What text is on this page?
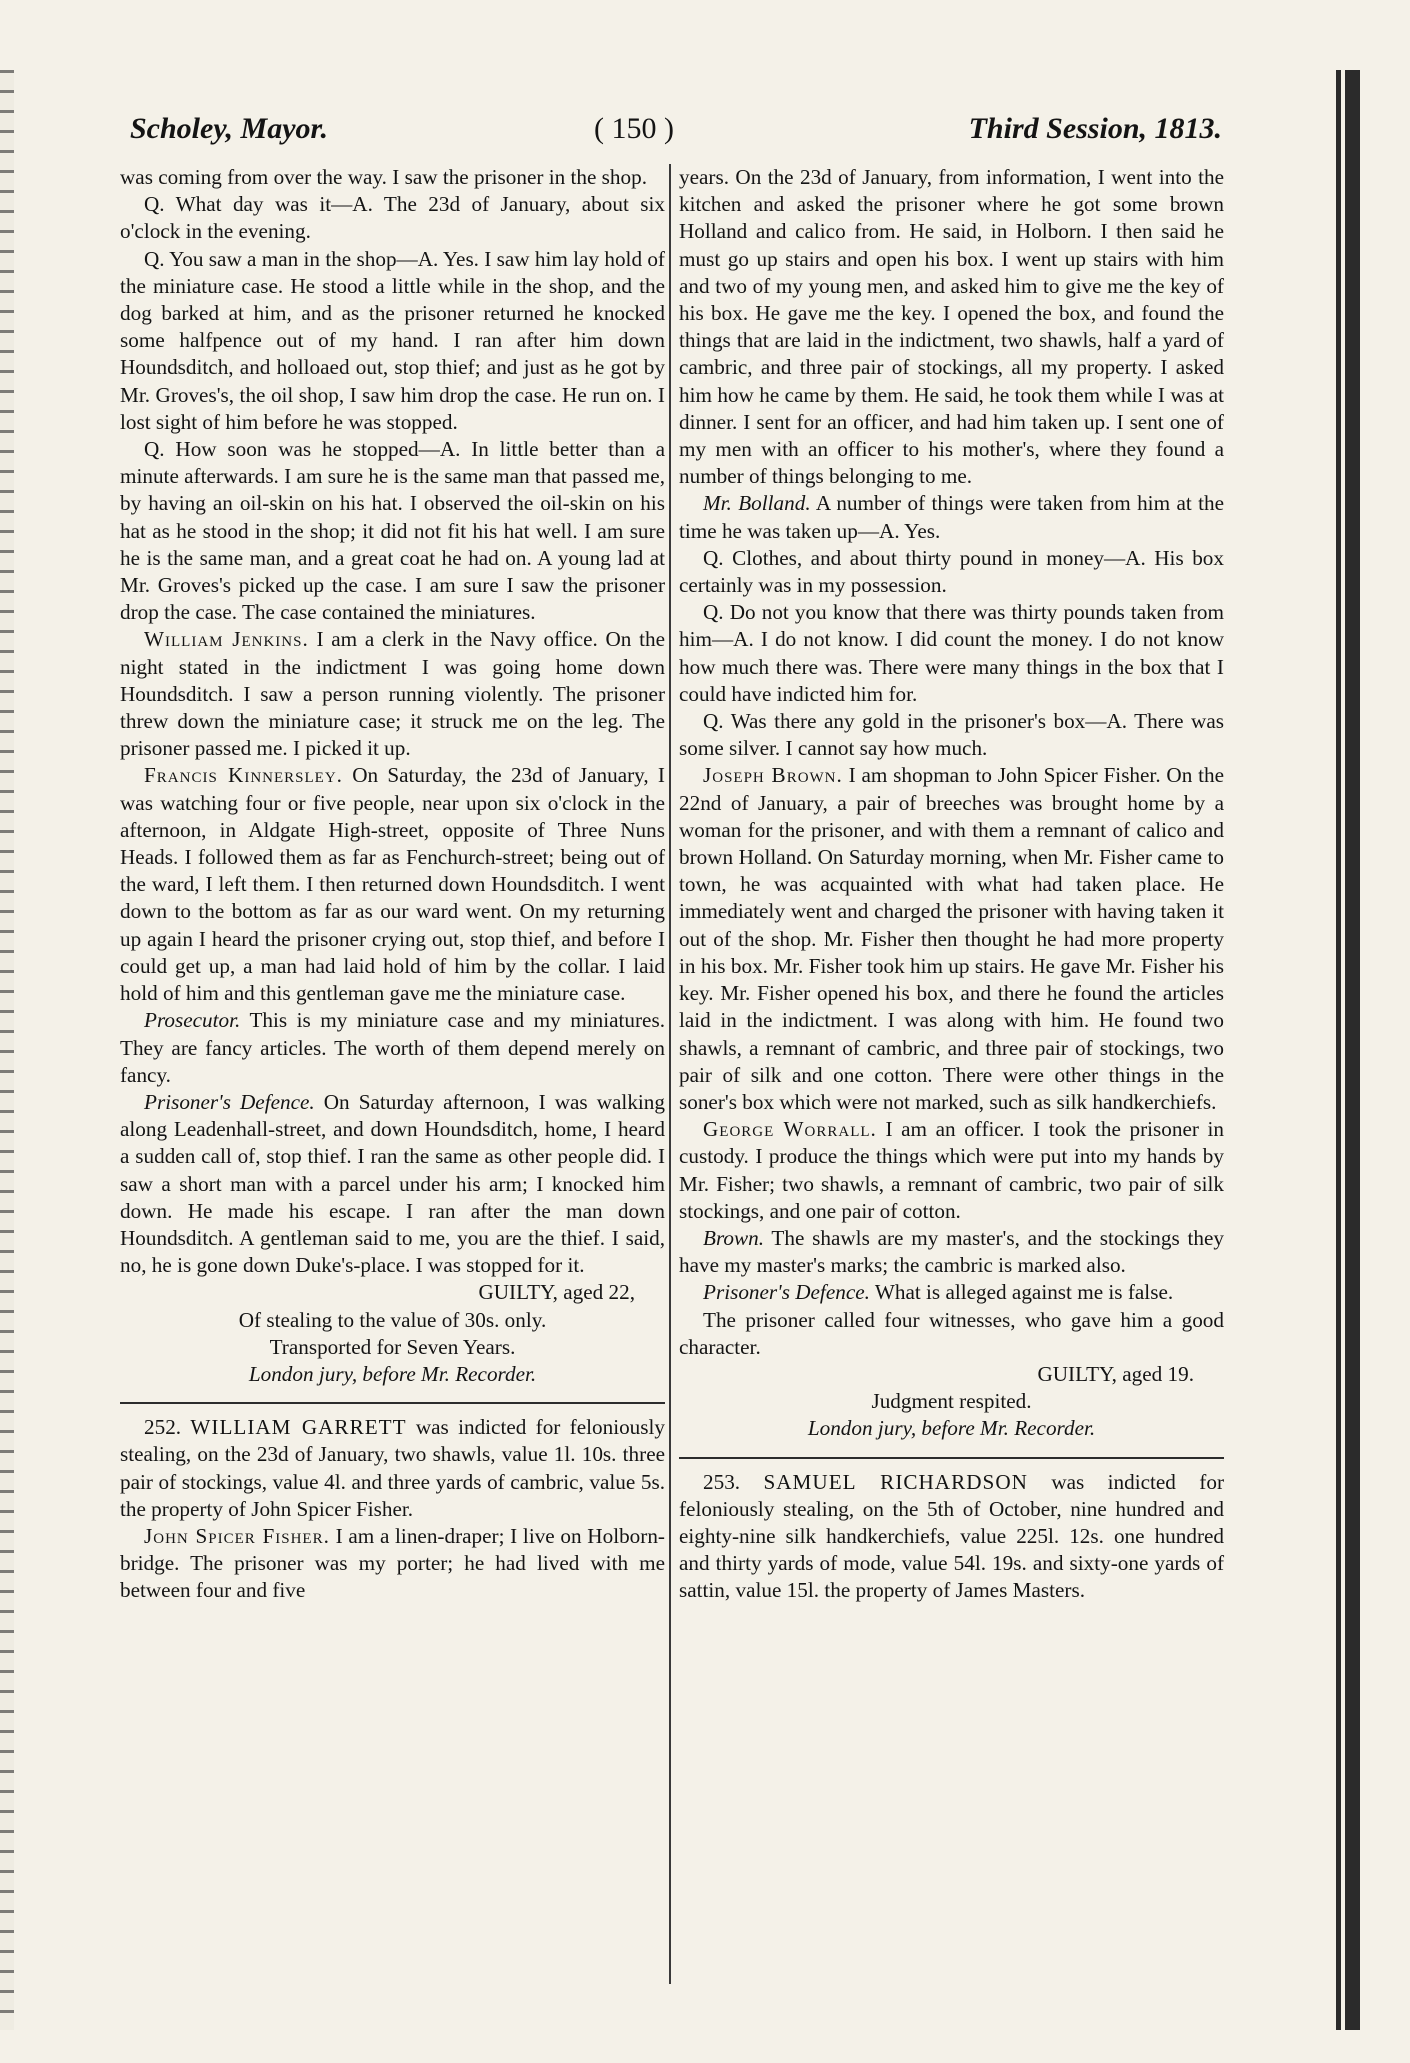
Scholey, Mayor.	( 150 )	Third Session, 1813.

was coming from over the way. I saw the prisoner in the shop.

Q. What day was it—A. The 23d of January, about six o'clock in the evening.

Q. You saw a man in the shop—A. Yes. I saw him lay hold of the miniature case. He stood a little while in the shop, and the dog barked at him, and as the prisoner returned he knocked some halfpence out of my hand. I ran after him down Houndsditch, and holloaed out, stop thief; and just as he got by Mr. Groves's, the oil shop, I saw him drop the case. He run on. I lost sight of him before he was stopped.

Q. How soon was he stopped—A. In little better than a minute afterwards. I am sure he is the same man that passed me, by having an oil-skin on his hat. I observed the oil-skin on his hat as he stood in the shop; it did not fit his hat well. I am sure he is the same man, and a great coat he had on. A young lad at Mr. Groves's picked up the case. I am sure I saw the prisoner drop the case. The case contained the miniatures.

William Jenkins. I am a clerk in the Navy office. On the night stated in the indictment I was going home down Houndsditch. I saw a person running violently. The prisoner threw down the miniature case; it struck me on the leg. The prisoner passed me. I picked it up.

Francis Kinnersley. On Saturday, the 23d of January, I was watching four or five people, near upon six o'clock in the afternoon, in Aldgate High-street, opposite of Three Nuns Heads. I followed them as far as Fenchurch-street; being out of the ward, I left them. I then returned down Houndsditch. I went down to the bottom as far as our ward went. On my returning up again I heard the prisoner crying out, stop thief, and before I could get up, a man had laid hold of him by the collar. I laid hold of him and this gentleman gave me the miniature case.

Prosecutor. This is my miniature case and my miniatures. They are fancy articles. The worth of them depend merely on fancy.

Prisoner's Defence. On Saturday afternoon, I was walking along Leadenhall-street, and down Houndsditch, home, I heard a sudden call of, stop thief. I ran the same as other people did. I saw a short man with a parcel under his arm; I knocked him down. He made his escape. I ran after the man down Houndsditch. A gentleman said to me, you are the thief. I said, no, he is gone down Duke's-place. I was stopped for it.

GUILTY, aged 22,

Of stealing to the value of 30s. only.

Transported for Seven Years.

London jury, before Mr. Recorder.

252. WILLIAM GARRETT was indicted for feloniously stealing, on the 23d of January, two shawls, value 1l. 10s. three pair of stockings, value 4l. and three yards of cambric, value 5s. the property of John Spicer Fisher.

John Spicer Fisher. I am a linen-draper; I live on Holborn-bridge. The prisoner was my porter; he had lived with me between four and five

years. On the 23d of January, from information, I went into the kitchen and asked the prisoner where he got some brown Holland and calico from. He said, in Holborn. I then said he must go up stairs and open his box. I went up stairs with him and two of my young men, and asked him to give me the key of his box. He gave me the key. I opened the box, and found the things that are laid in the indictment, two shawls, half a yard of cambric, and three pair of stockings, all my property. I asked him how he came by them. He said, he took them while I was at dinner. I sent for an officer, and had him taken up. I sent one of my men with an officer to his mother's, where they found a number of things belonging to me.

Mr. Bolland. A number of things were taken from him at the time he was taken up—A. Yes.

Q. Clothes, and about thirty pound in money—A. His box certainly was in my possession.

Q. Do not you know that there was thirty pounds taken from him—A. I do not know. I did count the money. I do not know how much there was. There were many things in the box that I could have indicted him for.

Q. Was there any gold in the prisoner's box—A. There was some silver. I cannot say how much.

Joseph Brown. I am shopman to John Spicer Fisher. On the 22nd of January, a pair of breeches was brought home by a woman for the prisoner, and with them a remnant of calico and brown Holland. On Saturday morning, when Mr. Fisher came to town, he was acquainted with what had taken place. He immediately went and charged the prisoner with having taken it out of the shop. Mr. Fisher then thought he had more property in his box. Mr. Fisher took him up stairs. He gave Mr. Fisher his key. Mr. Fisher opened his box, and there he found the articles laid in the indictment. I was along with him. He found two shawls, a remnant of cambric, and three pair of stockings, two pair of silk and one cotton. There were other things in the soner's box which were not marked, such as silk handkerchiefs.

George Worrall. I am an officer. I took the prisoner in custody. I produce the things which were put into my hands by Mr. Fisher; two shawls, a remnant of cambric, two pair of silk stockings, and one pair of cotton.

Brown. The shawls are my master's, and the stockings they have my master's marks; the cambric is marked also.

Prisoner's Defence. What is alleged against me is false.

The prisoner called four witnesses, who gave him a good character.

GUILTY, aged 19.

Judgment respited.

London jury, before Mr. Recorder.

253. SAMUEL RICHARDSON was indicted for feloniously stealing, on the 5th of October, nine hundred and eighty-nine silk handkerchiefs, value 225l. 12s. one hundred and thirty yards of mode, value 54l. 19s. and sixty-one yards of sattin, value 15l. the property of James Masters.
